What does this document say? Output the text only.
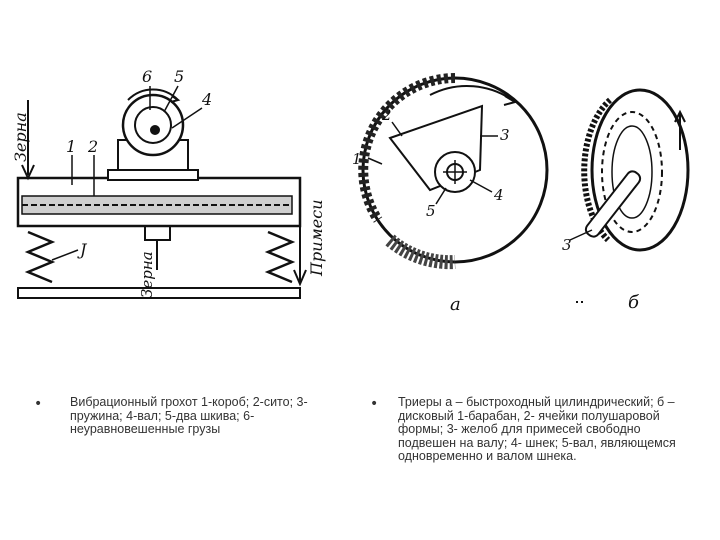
Зерна
6 5
4
1 2
J	Примеси
Зерна
2
3
1
4
5
3
а	б
• Вибрационный грохот 1-короб; 2-сито; 3-пружина; 4-вал; 5-два шкива; 6-неуравновешенные грузы
• Триеры а – быстроходный цилиндрический; б – дисковый 1-барабан, 2- ячейки полушаровой формы; 3- желоб для примесей свободно подвешен на валу; 4- шнек; 5-вал, являющемся одновременно и валом шнека.
